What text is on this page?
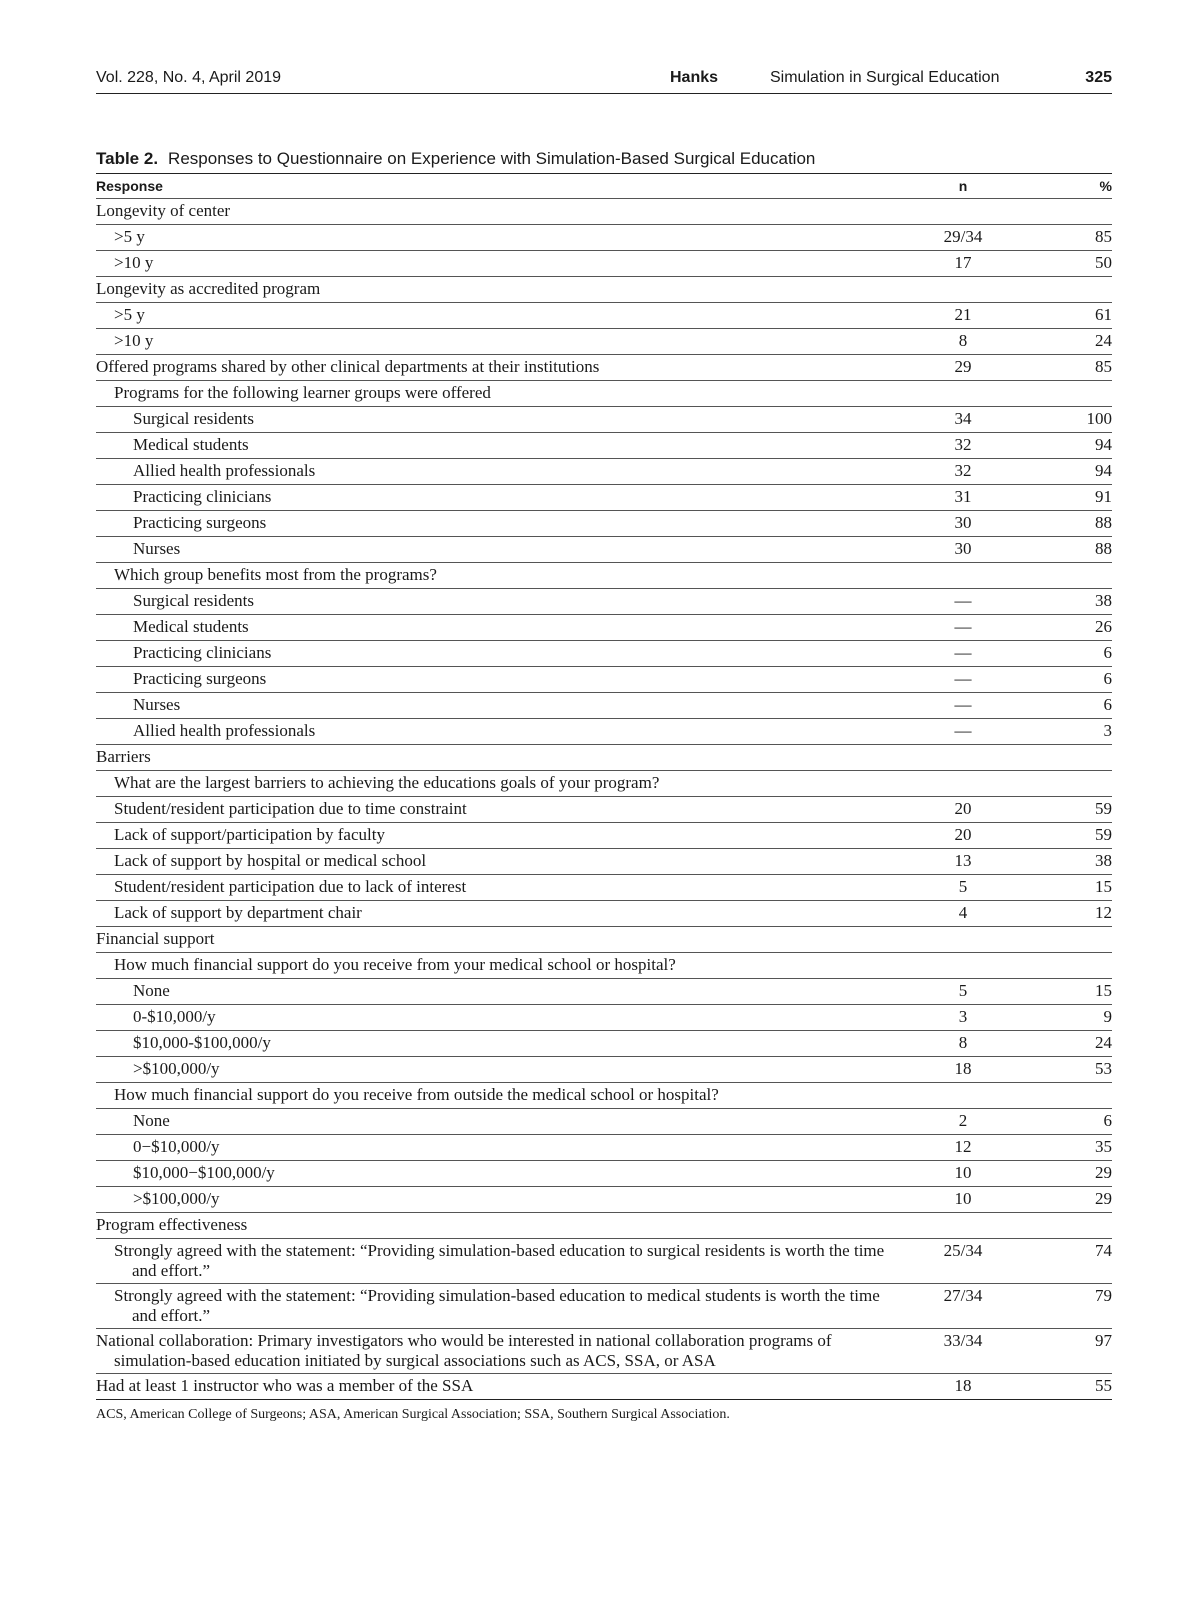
Vol. 228, No. 4, April 2019	Hanks	Simulation in Surgical Education	325
Table 2. Responses to Questionnaire on Experience with Simulation-Based Surgical Education
Response	n	%
Longevity of center		
>5 y	29/34	85
>10 y	17	50
Longevity as accredited program		
>5 y	21	61
>10 y	8	24
Offered programs shared by other clinical departments at their institutions	29	85
Programs for the following learner groups were offered		
Surgical residents	34	100
Medical students	32	94
Allied health professionals	32	94
Practicing clinicians	31	91
Practicing surgeons	30	88
Nurses	30	88
Which group benefits most from the programs?		
Surgical residents	—	38
Medical students	—	26
Practicing clinicians	—	6
Practicing surgeons	—	6
Nurses	—	6
Allied health professionals	—	3
Barriers		
What are the largest barriers to achieving the educations goals of your program?		
Student/resident participation due to time constraint	20	59
Lack of support/participation by faculty	20	59
Lack of support by hospital or medical school	13	38
Student/resident participation due to lack of interest	5	15
Lack of support by department chair	4	12
Financial support		
How much financial support do you receive from your medical school or hospital?		
None	5	15
0-$10,000/y	3	9
$10,000-$100,000/y	8	24
>$100,000/y	18	53
How much financial support do you receive from outside the medical school or hospital?		
None	2	6
0−$10,000/y	12	35
$10,000−$100,000/y	10	29
>$100,000/y	10	29
Program effectiveness		
Strongly agreed with the statement: “Providing simulation-based education to surgical residents is worth the time and effort.”	25/34	74
Strongly agreed with the statement: “Providing simulation-based education to medical students is worth the time and effort.”	27/34	79
National collaboration: Primary investigators who would be interested in national collaboration programs of simulation-based education initiated by surgical associations such as ACS, SSA, or ASA	33/34	97
Had at least 1 instructor who was a member of the SSA	18	55
ACS, American College of Surgeons; ASA, American Surgical Association; SSA, Southern Surgical Association.
